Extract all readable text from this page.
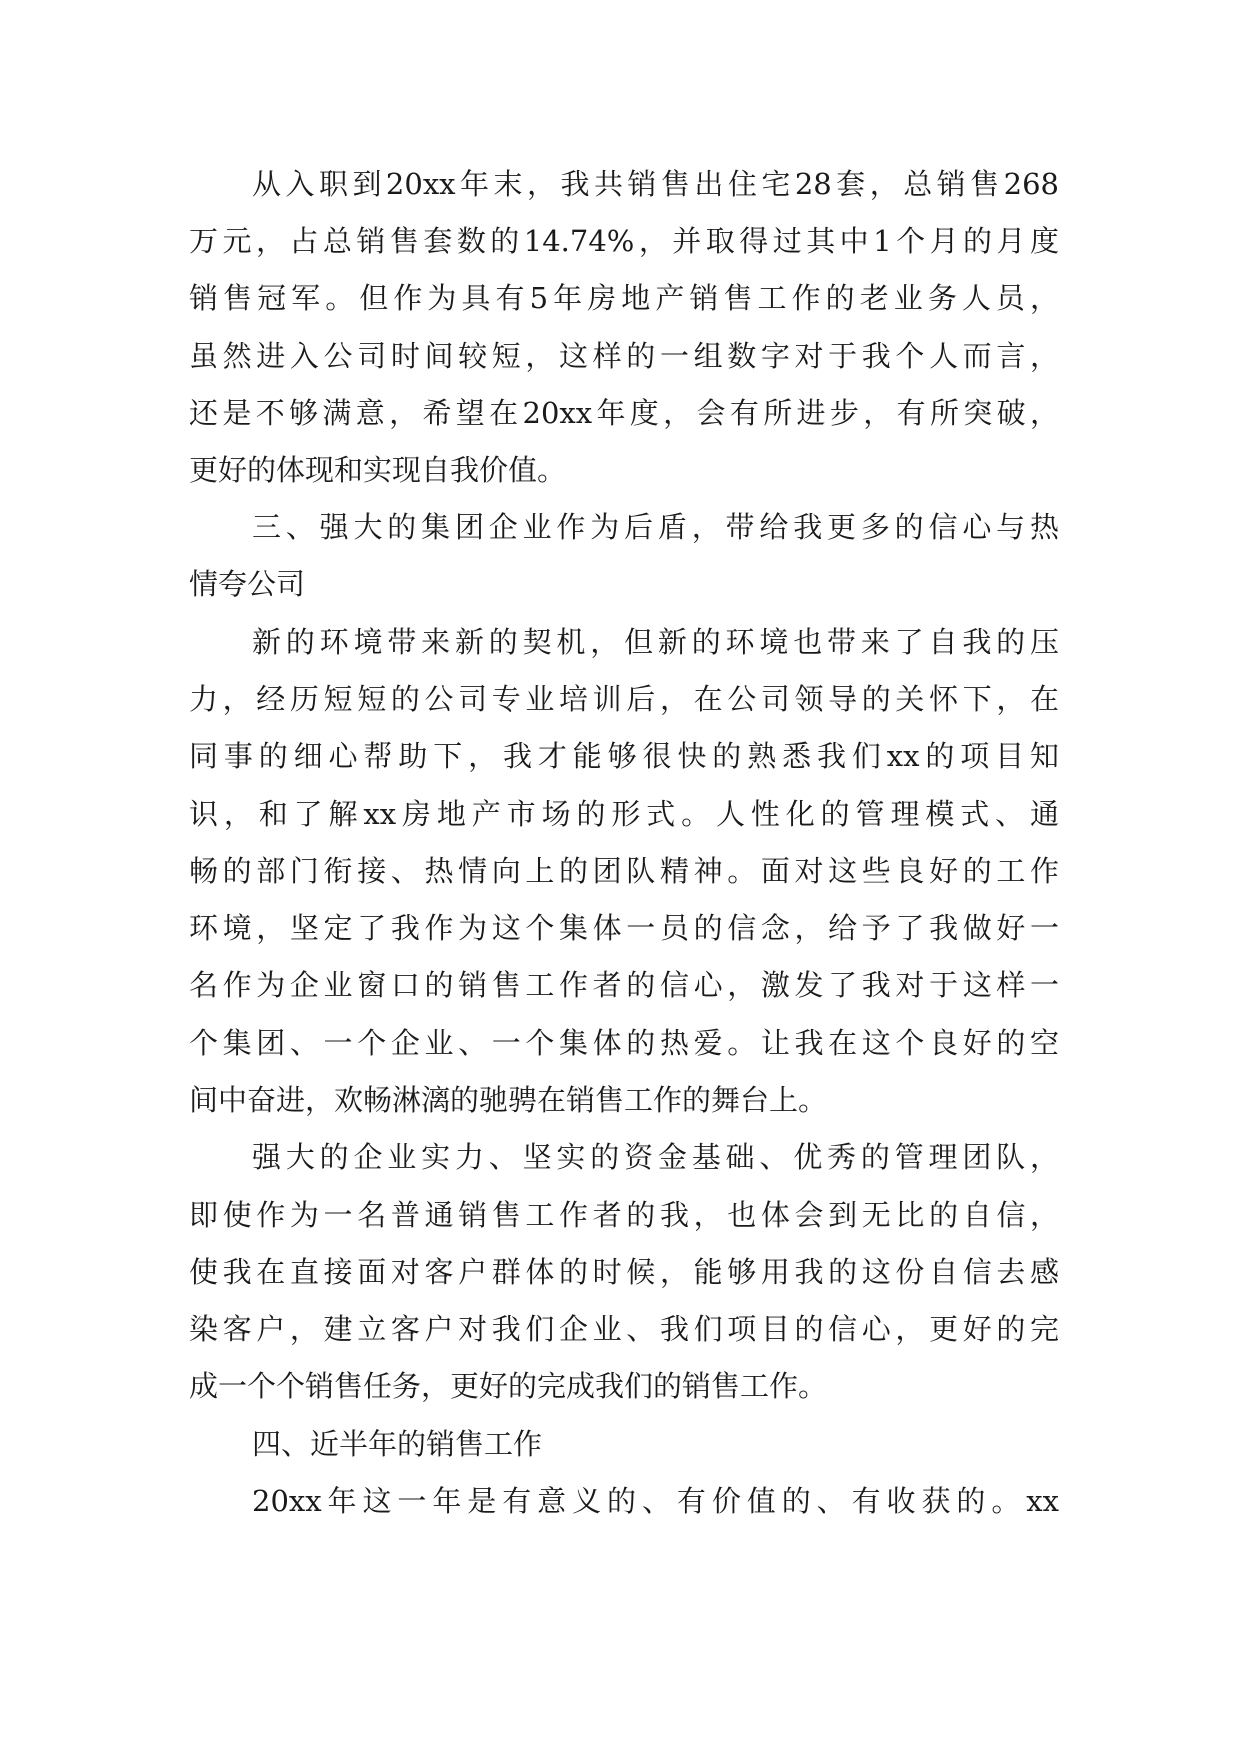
从入职到20xx年末，我共销售出住宅28套，总销售268
万元，占总销售套数的14.74%，并取得过其中1个月的月度
销售冠军。但作为具有5年房地产销售工作的老业务人员，
虽然进入公司时间较短，这样的一组数字对于我个人而言，
还是不够满意，希望在20xx年度，会有所进步，有所突破，
更好的体现和实现自我价值。
三、强大的集团企业作为后盾，带给我更多的信心与热
情夸公司
新的环境带来新的契机，但新的环境也带来了自我的压
力，经历短短的公司专业培训后，在公司领导的关怀下，在
同事的细心帮助下，我才能够很快的熟悉我们xx的项目知
识，和了解xx房地产市场的形式。人性化的管理模式、通
畅的部门衔接、热情向上的团队精神。面对这些良好的工作
环境，坚定了我作为这个集体一员的信念，给予了我做好一
名作为企业窗口的销售工作者的信心，激发了我对于这样一
个集团、一个企业、一个集体的热爱。让我在这个良好的空
间中奋进，欢畅淋漓的驰骋在销售工作的舞台上。
强大的企业实力、坚实的资金基础、优秀的管理团队，
即使作为一名普通销售工作者的我，也体会到无比的自信，
使我在直接面对客户群体的时候，能够用我的这份自信去感
染客户，建立客户对我们企业、我们项目的信心，更好的完
成一个个销售任务，更好的完成我们的销售工作。
四、近半年的销售工作
20xx年这一年是有意义的、有价值的、有收获的。xx
